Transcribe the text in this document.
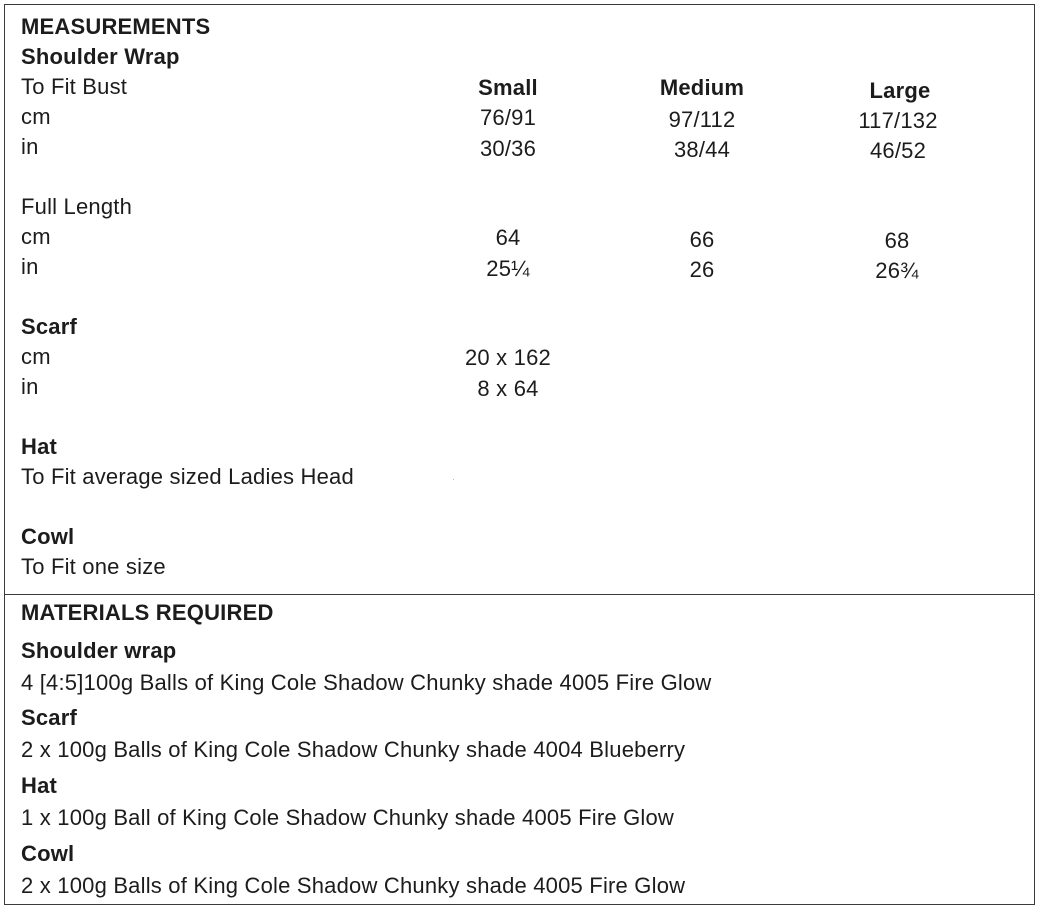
·
MEASUREMENTS
Shoulder Wrap
To Fit Bust	Small	Medium	Large
cm	76/91	97/112	117/132
in	30/36	38/44	46/52
Full Length
cm	64	66	68
in	25¼	26	26¾
Scarf
cm	20 x 162
in	8 x 64
Hat
To Fit average sized Ladies Head
Cowl
To Fit one size
MATERIALS REQUIRED
Shoulder wrap
4 [4:5]100g Balls of King Cole Shadow Chunky shade 4005 Fire Glow
Scarf
2 x 100g Balls of King Cole Shadow Chunky shade 4004 Blueberry
Hat
1 x 100g Ball of King Cole Shadow Chunky shade 4005 Fire Glow
Cowl
2 x 100g Balls of King Cole Shadow Chunky shade 4005 Fire Glow
